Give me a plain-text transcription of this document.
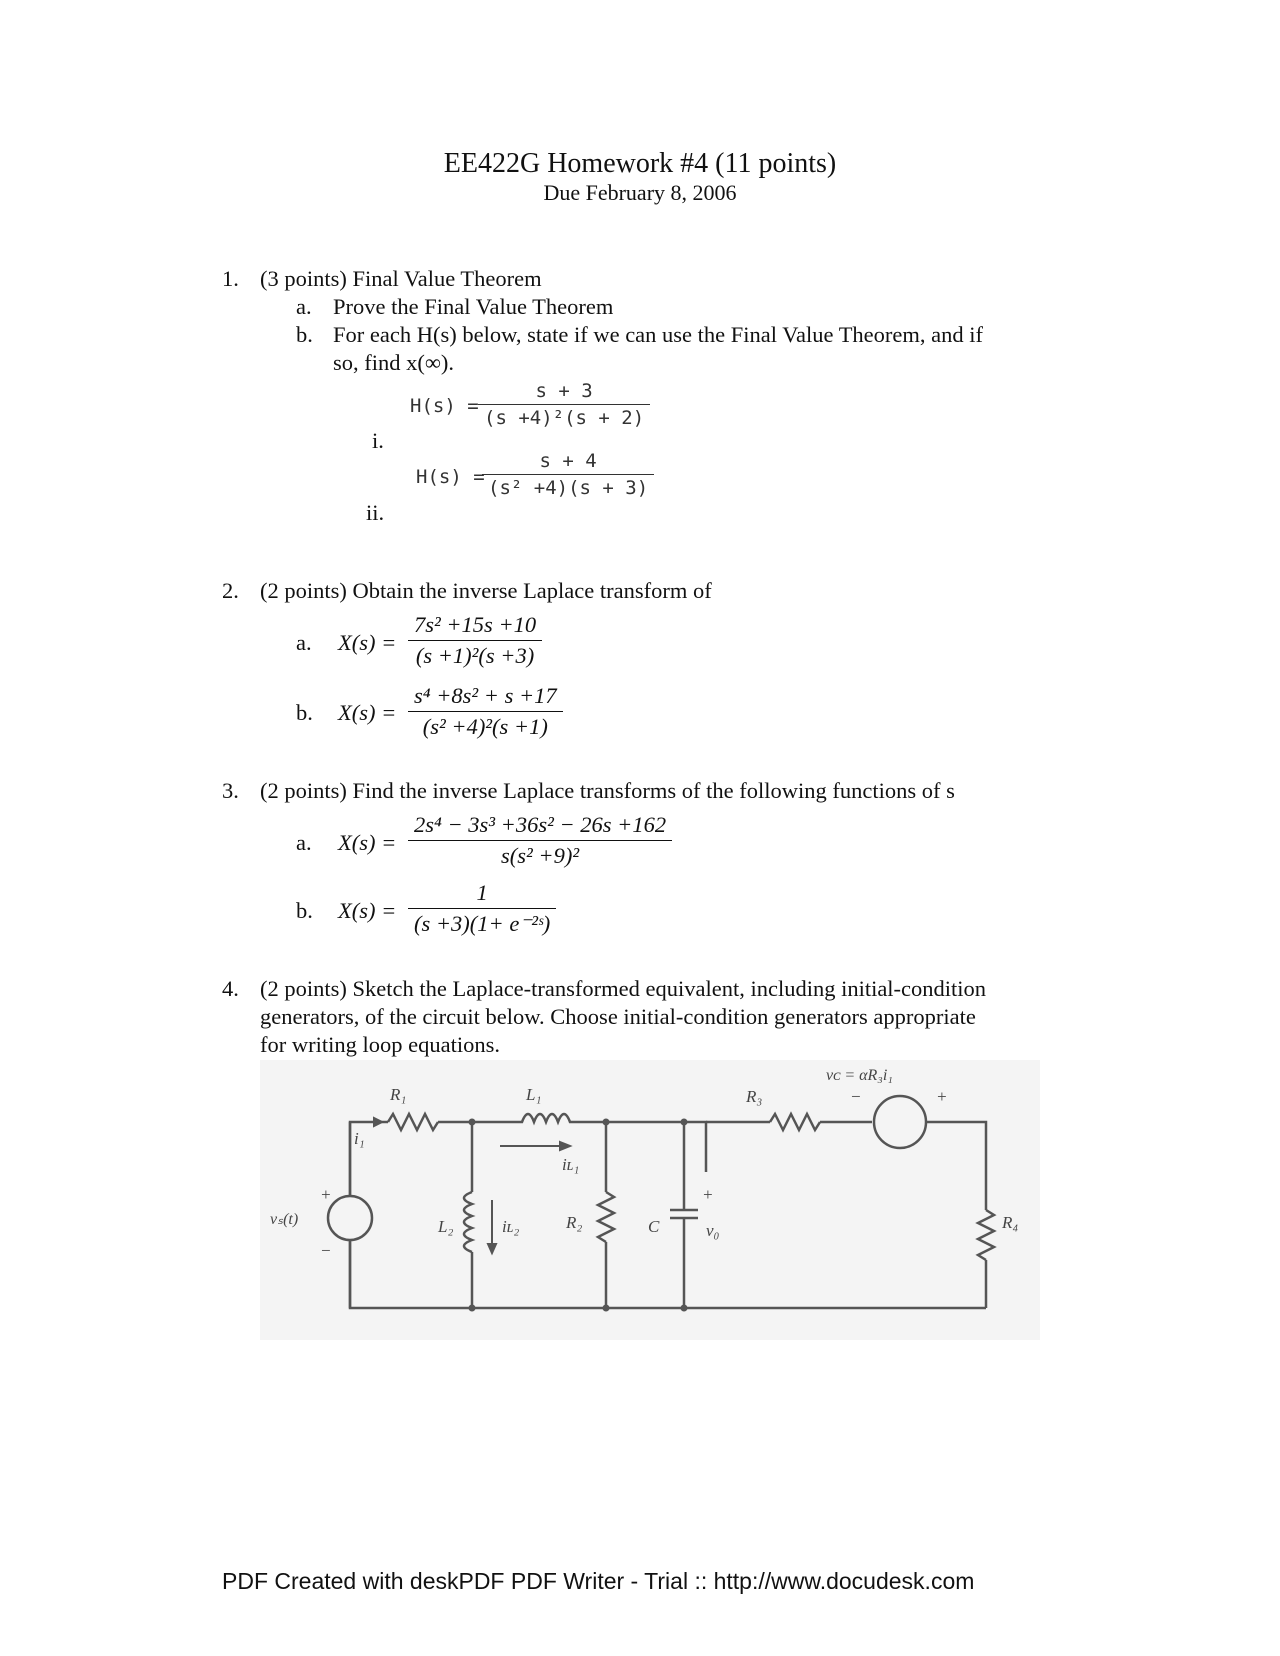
EE422G Homework #4 (11 points)
Due February 8, 2006
1. (3 points) Final Value Theorem
a. Prove the Final Value Theorem
b. For each H(s) below, state if we can use the Final Value Theorem, and if
so, find x(∞).
i.
$H(s) = \frac{s + 3}{\text{(s +4)²(s + 2)}}$
ii.
H(s) =
$\frac{s + 4}{\text{(s² +4)(s + 3)}}$
2. (2 points) Obtain the inverse Laplace transform of
a. $X(s) = \frac{\text{7s² +15s +10}}{\text{(s +1)²(s +3)}}$
b. $X(s) = \frac{\text{s⁴ +8s² + s +17}}{\text{(s² +4)²(s +1)}}$
3. (2 points) Find the inverse Laplace transforms of the following functions of s
a. $X(s) = \frac{\text{2s⁴ − 3s³ +36s² − 26s +162}}{\text{s(s² +9)²}}$
b. $X(s) = \frac{1}{\text{(s +3)(1+ e⁻²ˢ)}}$
4. (2 points) Sketch the Laplace-transformed equivalent, including initial-condition
generators, of the circuit below. Choose initial-condition generators appropriate
for writing loop equations.
R₁	L₁	R₃
vᴄ = αR₃i₁
i₁
iʟ₁
L₂	iʟ₂	R₂	C	v₀
+
R₄
vₛ(t)
+
−
−	+
PDF Created with deskPDF PDF Writer - Trial :: http://www.docudesk.com
